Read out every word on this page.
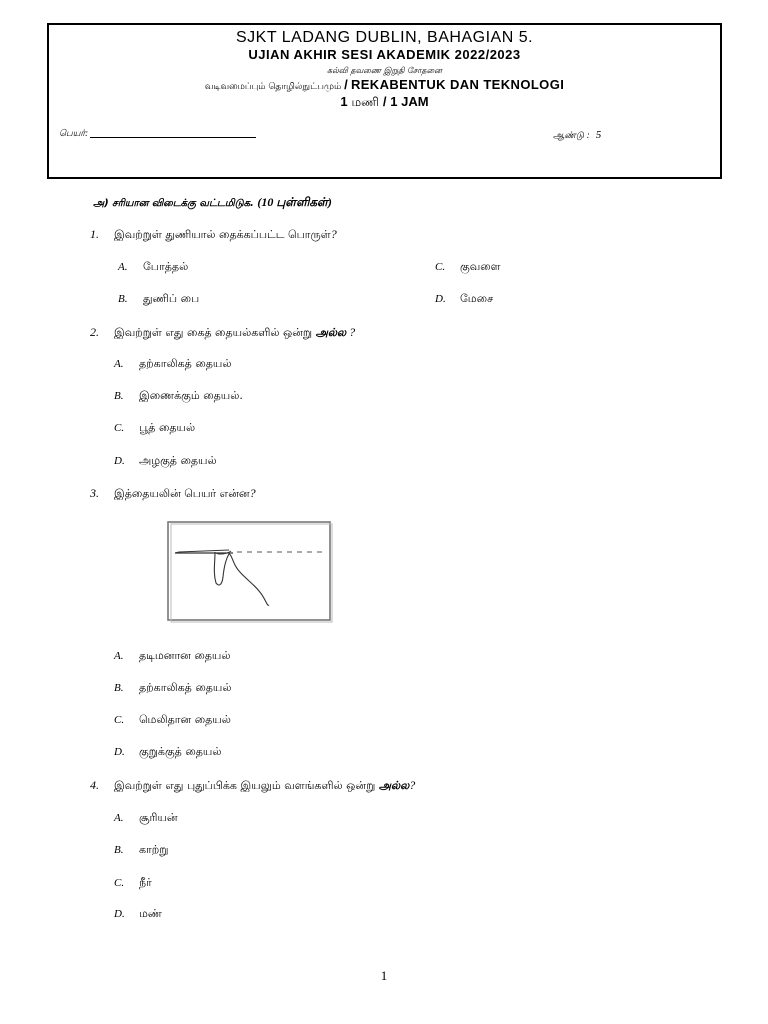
SJKT LADANG DUBLIN, BAHAGIAN 5.
UJIAN AKHIR SESI AKADEMIK 2022/2023
கல்வி தவணை இறுதி சோதனை
வடிவமைப்பும் தொழில்நுட்பமும் / REKABENTUK DAN TEKNOLOGI
1 மணி / 1 JAM
பெயர்:	ஆண்டு : 5
அ) சரியான விடைக்கு வட்டமிடுக. (10 புள்ளிகள்)
1. இவற்றுள் துணியால் தைக்கப்பட்ட பொருள்?
A. போத்தல்
B. துணிப் பை
C. குவளை
D. மேசை
2. இவற்றுள் எது கைத் தையல்களில் ஒன்று அல்ல ?
A. தற்காலிகத் தையல்
B. இணைக்கும் தையல்.
C. பூத் தையல்
D. அழகுத் தையல்
3. இத்தையலின் பெயர் என்ன?
A. தடிமனான தையல்
B. தற்காலிகத் தையல்
C. மெலிதான தையல்
D. குறுக்குத் தையல்
4. இவற்றுள் எது புதுப்பிக்க இயலும் வளங்களில் ஒன்று அல்ல?
A. சூரியன்
B. காற்று
C. நீர்
D. மண்
1
